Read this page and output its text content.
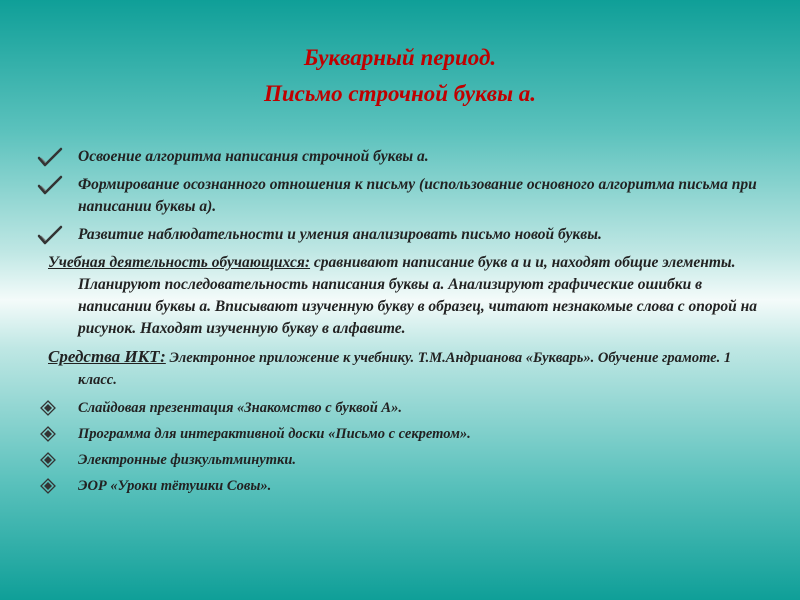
Букварный период.
Письмо строчной буквы а.
Освоение алгоритма написания строчной буквы а.
Формирование осознанного отношения к письму (использование основного алгоритма письма при написании буквы а).
Развитие наблюдательности и умения анализировать письмо новой буквы.
Учебная деятельность обучающихся: сравнивают написание букв а и и, находят общие элементы. Планируют последовательность написания буквы а. Анализируют графические ошибки в написании буквы а. Вписывают изученную букву в образец, читают незнакомые слова с опорой на рисунок. Находят изученную букву в алфавите.
Средства ИКТ: Электронное приложение к учебнику. Т.М.Андрианова «Букварь». Обучение грамоте. 1 класс.
Слайдовая презентация «Знакомство с буквой А».
Программа для интерактивной доски «Письмо с секретом».
Электронные физкультминутки.
ЭОР «Уроки тётушки Совы».
